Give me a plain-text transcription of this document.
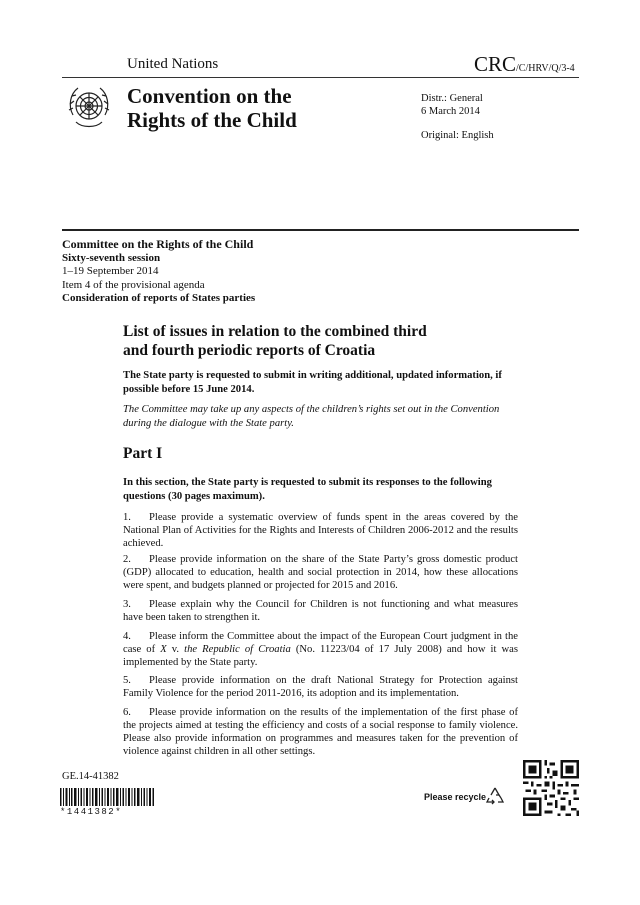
United Nations	CRC/C/HRV/Q/3-4
Convention on the
Rights of the Child
Distr.: General
6 March 2014
Original: English
Committee on the Rights of the Child
Sixty-seventh session
1–19 September 2014
Item 4 of the provisional agenda
Consideration of reports of States parties
List of issues in relation to the combined third
and fourth periodic reports of Croatia
The State party is requested to submit in writing additional, updated information, if possible before 15 June 2014.
The Committee may take up any aspects of the children’s rights set out in the Convention during the dialogue with the State party.
Part I
In this section, the State party is requested to submit its responses to the following questions (30 pages maximum).
1. Please provide a systematic overview of funds spent in the areas covered by the National Plan of Activities for the Rights and Interests of Children 2006-2012 and the results achieved.
2. Please provide information on the share of the State Party’s gross domestic product (GDP) allocated to education, health and social protection in 2014, how these allocations were spent, and budgets planned or projected for 2015 and 2016.
3. Please explain why the Council for Children is not functioning and what measures have been taken to strengthen it.
4. Please inform the Committee about the impact of the European Court judgment in the case of X v. the Republic of Croatia (No. 11223/04 of 17 July 2008) and how it was implemented by the State party.
5. Please provide information on the draft National Strategy for Protection against Family Violence for the period 2011-2016, its adoption and its implementation.
6. Please provide information on the results of the implementation of the first phase of the projects aimed at testing the efficiency and costs of a social response to family violence. Please also provide information on programmes and measures taken for the prevention of violence against children in all other settings.
GE.14-41382
*1441382*
Please recycle
